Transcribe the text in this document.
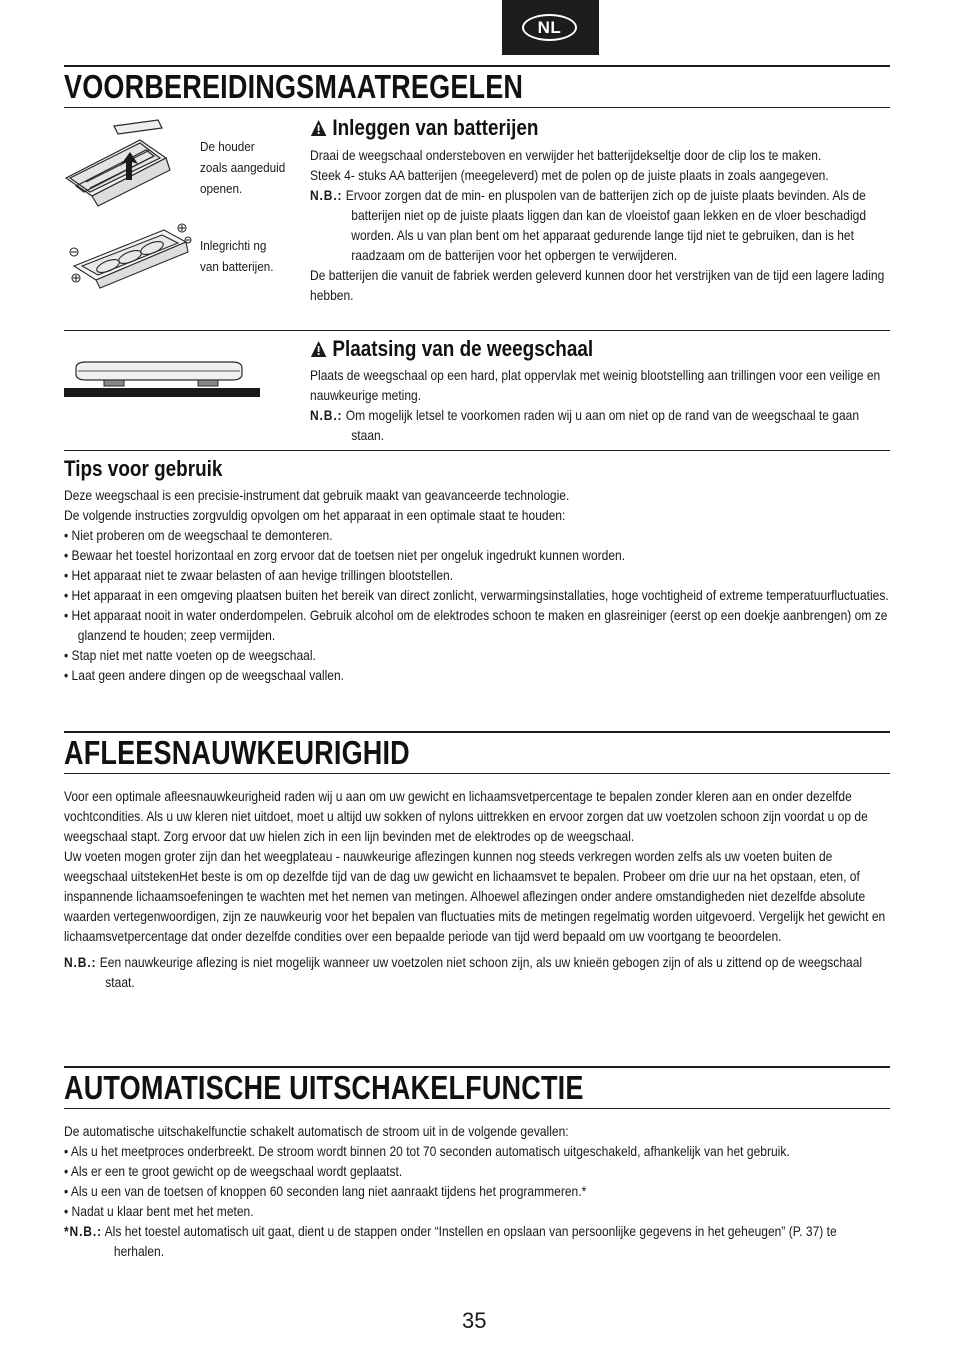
NL
VOORBEREIDINGSMAATREGELEN
De houder
zoals aangeduid
openen.
Inlegrichti ng
van batterijen.
Inleggen van batterijen
Draai de weegschaal ondersteboven en verwijder het batterijdekseltje door de clip los te maken.
Steek 4- stuks AA batterijen (meegeleverd) met de polen op de juiste plaats in zoals aangegeven.
N.B.: Ervoor zorgen dat de min- en pluspolen van de batterijen zich op de juiste plaats bevinden. Als de batterijen niet op de juiste plaats liggen dan kan de vloeistof gaan lekken en de vloer beschadigd worden. Als u van plan bent om het apparaat gedurende lange tijd niet te gebruiken, dan is het raadzaam om de batterijen voor het opbergen te verwijderen.
De batterijen die vanuit de fabriek werden geleverd kunnen door het verstrijken van de tijd een lagere lading hebben.
Plaatsing van de weegschaal
Plaats de weegschaal op een hard, plat oppervlak met weinig blootstelling aan trillingen voor een veilige en nauwkeurige meting.
N.B.: Om mogelijk letsel te voorkomen raden wij u aan om niet op de rand van de weegschaal te gaan staan.
Tips voor gebruik
Deze weegschaal is een precisie-instrument dat gebruik maakt van geavanceerde technologie.
De volgende instructies zorgvuldig opvolgen om het apparaat in een optimale staat te houden:
• Niet proberen om de weegschaal te demonteren.
• Bewaar het toestel horizontaal en zorg ervoor dat de toetsen niet per ongeluk ingedrukt kunnen worden.
• Het apparaat niet te zwaar belasten of aan hevige trillingen blootstellen.
• Het apparaat in een omgeving plaatsen buiten het bereik van direct zonlicht, verwarmingsinstallaties, hoge vochtigheid of extreme temperatuurfluctuaties.
• Het apparaat nooit in water onderdompelen. Gebruik alcohol om de elektrodes schoon te maken en glasreiniger (eerst op een doekje aanbrengen) om ze glanzend te houden; zeep vermijden.
• Stap niet met natte voeten op de weegschaal.
• Laat geen andere dingen op de weegschaal vallen.
AFLEESNAUWKEURIGHID
Voor een optimale afleesnauwkeurigheid raden wij u aan om uw gewicht en lichaamsvetpercentage te bepalen zonder kleren aan en onder dezelfde vochtcondities. Als u uw kleren niet uitdoet, moet u altijd uw sokken of nylons uittrekken en ervoor zorgen dat uw voetzolen schoon zijn voordat u op de weegschaal stapt. Zorg ervoor dat uw hielen zich in een lijn bevinden met de elektrodes op de weegschaal.
Uw voeten mogen groter zijn dan het weegplateau - nauwkeurige aflezingen kunnen nog steeds verkregen worden zelfs als uw voeten buiten de weegschaal uitstekenHet beste is om op dezelfde tijd van de dag uw gewicht en lichaamsvet te bepalen. Probeer om drie uur na het opstaan, eten, of inspannende lichaamsoefeningen te wachten met het nemen van metingen. Alhoewel aflezingen onder andere omstandigheden niet dezelfde absolute waarden vertegenwoordigen, zijn ze nauwkeurig voor het bepalen van fluctuaties mits de metingen regelmatig worden uitgevoerd. Vergelijk het gewicht en lichaamsvetpercentage dat onder dezelfde condities over een bepaalde periode van tijd werd bepaald om uw voortgang te beoordelen.
N.B.: Een nauwkeurige aflezing is niet mogelijk wanneer uw voetzolen niet schoon zijn, als uw knieën gebogen zijn of als u zittend op de weegschaal staat.
AUTOMATISCHE UITSCHAKELFUNCTIE
De automatische uitschakelfunctie schakelt automatisch de stroom uit in de volgende gevallen:
• Als u het meetproces onderbreekt. De stroom wordt binnen 20 tot 70 seconden automatisch uitgeschakeld, afhankelijk van het gebruik.
• Als er een te groot gewicht op de weegschaal wordt geplaatst.
• Als u een van de toetsen of knoppen 60 seconden lang niet aanraakt tijdens het programmeren.*
• Nadat u klaar bent met het meten.
*N.B.: Als het toestel automatisch uit gaat, dient u de stappen onder “Instellen en opslaan van persoonlijke gegevens in het geheugen” (P. 37) te herhalen.
35
